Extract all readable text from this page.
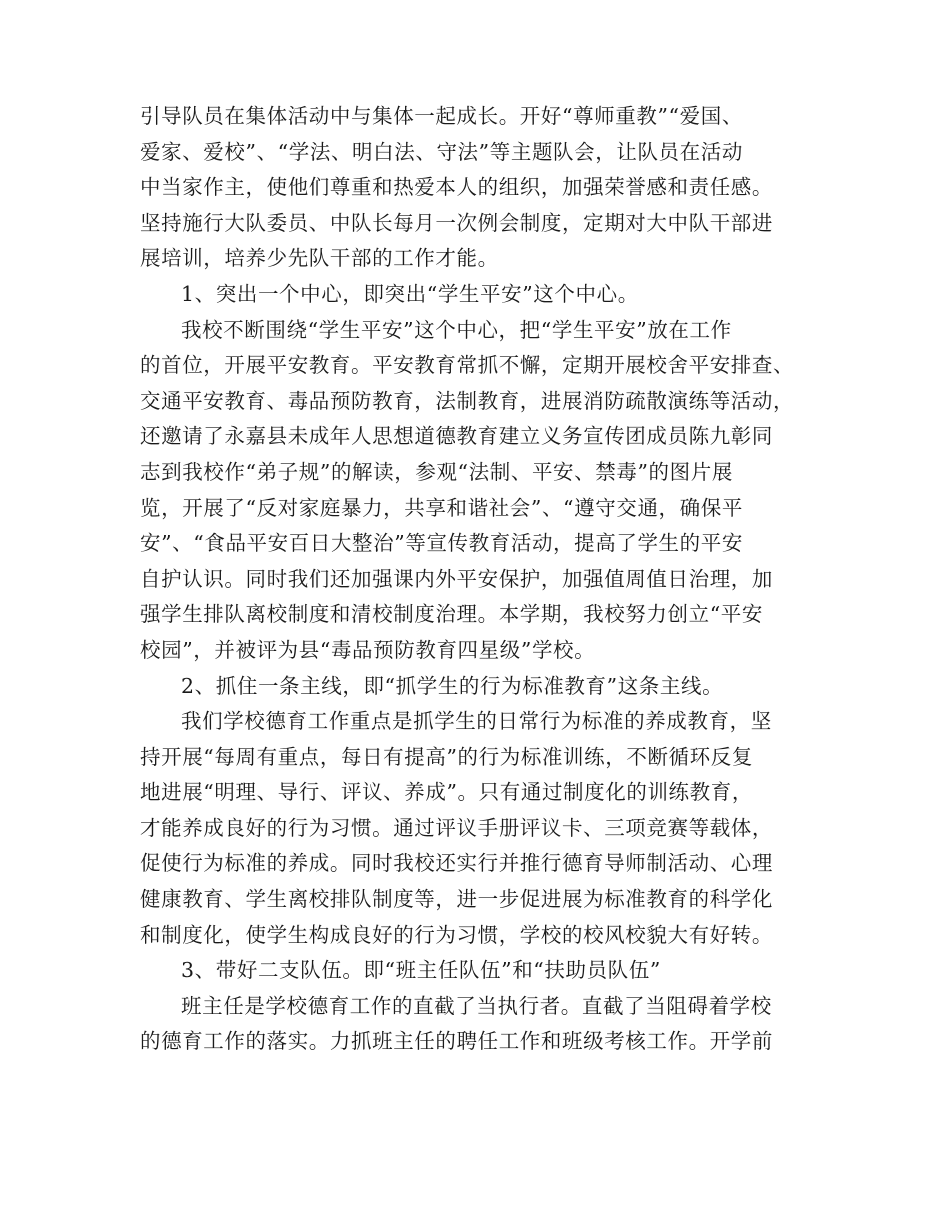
引导队员在集体活动中与集体一起成长。开好“尊师重教”“爱国、
爱家、爱校”、“学法、明白法、守法”等主题队会，让队员在活动
中当家作主，使他们尊重和热爱本人的组织，加强荣誉感和责任感。
坚持施行大队委员、中队长每月一次例会制度，定期对大中队干部进
展培训，培养少先队干部的工作才能。
1、突出一个中心，即突出“学生平安”这个中心。
我校不断围绕“学生平安”这个中心，把“学生平安”放在工作
的首位，开展平安教育。平安教育常抓不懈，定期开展校舍平安排查、
交通平安教育、毒品预防教育，法制教育，进展消防疏散演练等活动，
还邀请了永嘉县未成年人思想道德教育建立义务宣传团成员陈九彰同
志到我校作“弟子规”的解读，参观“法制、平安、禁毒”的图片展
览，开展了“反对家庭暴力，共享和谐社会”、“遵守交通，确保平
安”、“食品平安百日大整治”等宣传教育活动，提高了学生的平安
自护认识。同时我们还加强课内外平安保护，加强值周值日治理，加
强学生排队离校制度和清校制度治理。本学期，我校努力创立“平安
校园”，并被评为县“毒品预防教育四星级”学校。
2、抓住一条主线，即“抓学生的行为标准教育”这条主线。
我们学校德育工作重点是抓学生的日常行为标准的养成教育，坚
持开展“每周有重点，每日有提高”的行为标准训练，不断循环反复
地进展“明理、导行、评议、养成”。只有通过制度化的训练教育，
才能养成良好的行为习惯。通过评议手册评议卡、三项竞赛等载体，
促使行为标准的养成。同时我校还实行并推行德育导师制活动、心理
健康教育、学生离校排队制度等，进一步促进展为标准教育的科学化
和制度化，使学生构成良好的行为习惯，学校的校风校貌大有好转。
3、带好二支队伍。即“班主任队伍”和“扶助员队伍”
班主任是学校德育工作的直截了当执行者。直截了当阻碍着学校
的德育工作的落实。力抓班主任的聘任工作和班级考核工作。开学前
